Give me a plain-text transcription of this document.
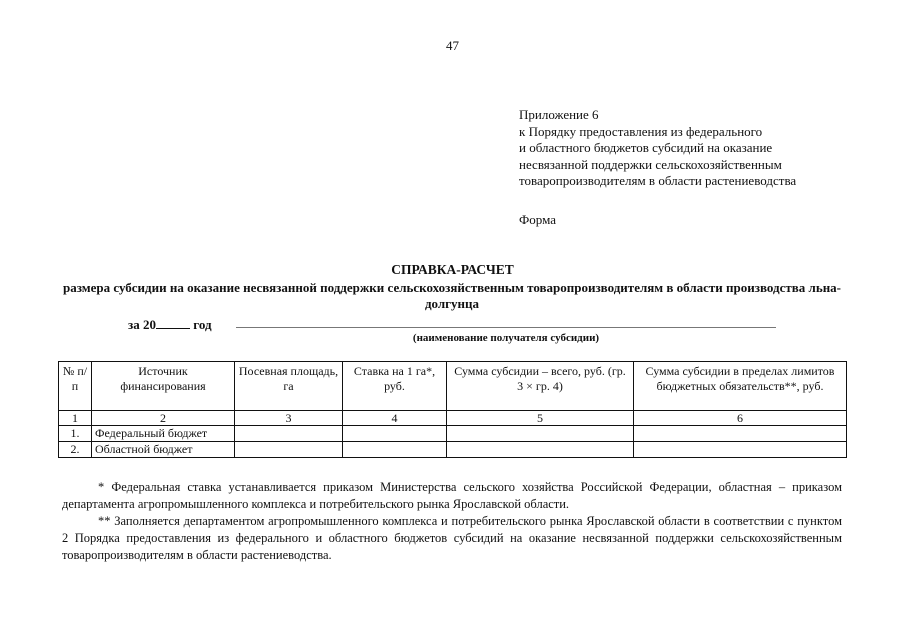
47
Приложение 6
к Порядку предоставления из федерального
и областного бюджетов субсидий на оказание
несвязанной поддержки сельскохозяйственным
товаропроизводителям в области растениеводства
Форма
СПРАВКА-РАСЧЕТ
размера субсидии на оказание несвязанной поддержки сельскохозяйственным товаропроизводителям в области производства льна-долгунца
за 20	год
(наименование получателя субсидии)
№ п/п	Источник финансирования	Посевная площадь, га	Ставка на 1 га*, руб.	Сумма субсидии – всего, руб. (гр. 3 × гр. 4)	Сумма субсидии в пределах лимитов бюджетных обязательств**, руб.
1	2	3	4	5	6
1.	Федеральный бюджет				
2.	Областной бюджет				

* Федеральная ставка устанавливается приказом Министерства сельского хозяйства Российской Федерации, областная – приказом департамента агропромышленного комплекса и потребительского рынка Ярославской области.

** Заполняется департаментом агропромышленного комплекса и потребительского рынка Ярославской области в соответствии с пунктом 2 Порядка предоставления из федерального и областного бюджетов субсидий на оказание несвязанной поддержки сельскохозяйственным товаропроизводителям в области растениеводства.
